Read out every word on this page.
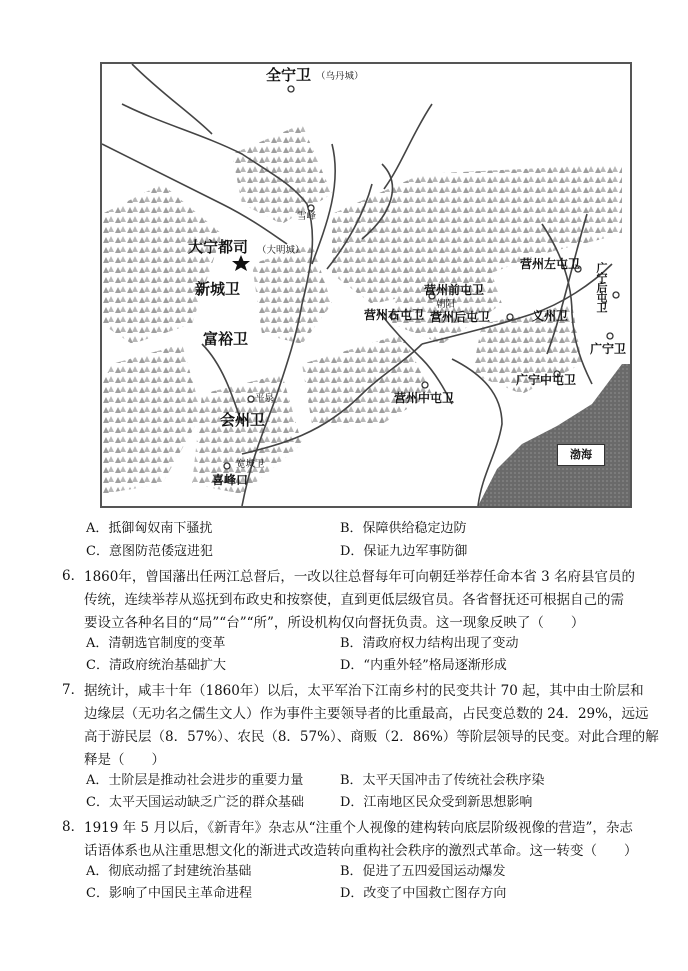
全宁卫 （乌丹城）
雪峰
大宁都司 （大明城）
新城卫
富裕卫
平泉
会州卫
宽城卫
喜峰口
营州前屯卫
朝阳
营州右屯卫 营州后屯卫
营州左屯卫
义州卫
广宁后屯卫
广宁卫
广宁中屯卫
营州中屯卫
渤海
A．抵御匈奴南下骚扰	B．保障供给稳定边防
C．意图防范倭寇进犯	D．保证九边军事防御
6． 1860年，曾国藩出任两江总督后，一改以往总督每年可向朝廷举荐任命本省 3 名府县官员的
传统，连续举荐从巡抚到布政史和按察使，直到更低层级官员。各省督抚还可根据自己的需
要设立各种名目的“局”“台”“所”，所设机构仅向督抚负责。这一现象反映了（　　）
A．清朝选官制度的变革	B．清政府权力结构出现了变动
C．清政府统治基础扩大	D．“内重外轻”格局逐渐形成
7． 据统计，咸丰十年（1860年）以后，太平军治下江南乡村的民变共计 70 起，其中由士阶层和
边缘层（无功名之儒生文人）作为事件主要领导者的比重最高，占民变总数的 24．29%，远远
高于游民层（8．57%）、农民（8．57%）、商贩（2．86%）等阶层领导的民变。对此合理的解
释是（　　）
A．士阶层是推动社会进步的重要力量	B．太平天国冲击了传统社会秩序染
C．太平天国运动缺乏广泛的群众基础	D．江南地区民众受到新思想影响
8． 1919 年 5 月以后，《新青年》杂志从“注重个人视像的建构转向底层阶级视像的营造”，杂志
话语体系也从注重思想文化的渐进式改造转向重构社会秩序的激烈式革命。这一转变（　　）
A．彻底动摇了封建统治基础	B．促进了五四爱国运动爆发
C．影响了中国民主革命进程	D．改变了中国救亡图存方向
